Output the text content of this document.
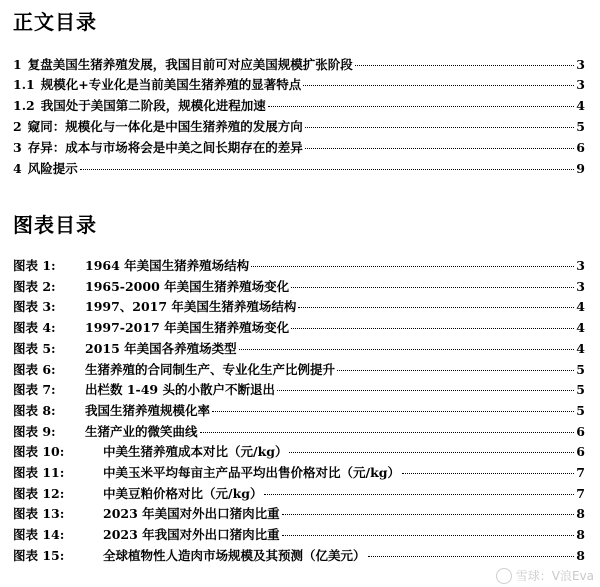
正文目录
1 复盘美国生猪养殖发展，我国目前可对应美国规模扩张阶段	3
1.1 规模化+专业化是当前美国生猪养殖的显著特点	3
1.2 我国处于美国第二阶段，规模化进程加速	4
2 窥同：规模化与一体化是中国生猪养殖的发展方向	5
3 存异：成本与市场将会是中美之间长期存在的差异	6
4 风险提示	9
图表目录
图表 1:	1964 年美国生猪养殖场结构	3
图表 2:	1965-2000 年美国生猪养殖场变化	3
图表 3:	1997、2017 年美国生猪养殖场结构	4
图表 4:	1997-2017 年美国生猪养殖场变化	4
图表 5:	2015 年美国各养殖场类型	4
图表 6:	生猪养殖的合同制生产、专业化生产比例提升	5
图表 7:	出栏数 1-49 头的小散户不断退出	5
图表 8:	我国生猪养殖规模化率	5
图表 9:	生猪产业的微笑曲线	6
图表 10:	中美生猪养殖成本对比（元/kg）	6
图表 11:	中美玉米平均每亩主产品平均出售价格对比（元/kg）	7
图表 12:	中美豆粕价格对比（元/kg）	7
图表 13:	2023 年美国对外出口猪肉比重	8
图表 14:	2023 年我国对外出口猪肉比重	8
图表 15:	全球植物性人造肉市场规模及其预测（亿美元）	8
雪球：V浪Eva
